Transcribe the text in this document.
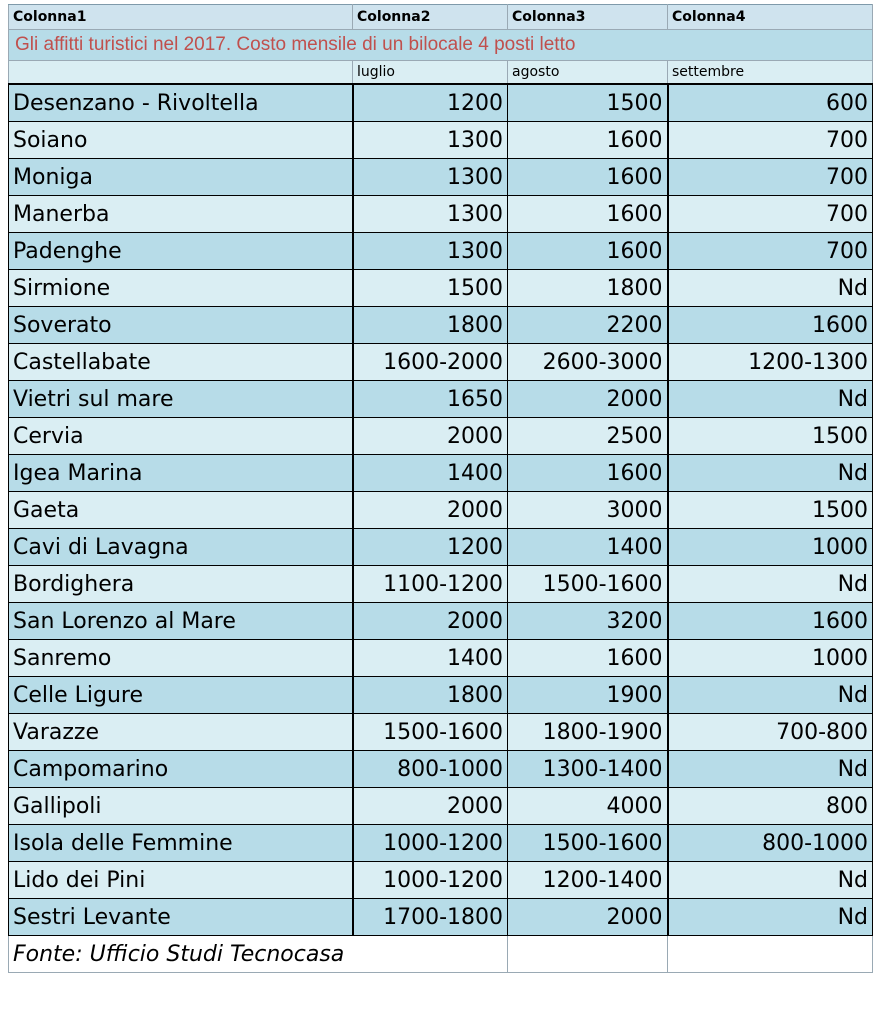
Colonna1	Colonna2	Colonna3	Colonna4
Gli affitti turistici nel 2017. Costo mensile di un bilocale 4 posti letto			
	luglio	agosto	settembre
Desenzano - Rivoltella	1200	1500	600
Soiano	1300	1600	700
Moniga	1300	1600	700
Manerba	1300	1600	700
Padenghe	1300	1600	700
Sirmione	1500	1800	Nd
Soverato	1800	2200	1600
Castellabate	1600-2000	2600-3000	1200-1300
Vietri sul mare	1650	2000	Nd
Cervia	2000	2500	1500
Igea Marina	1400	1600	Nd
Gaeta	2000	3000	1500
Cavi di Lavagna	1200	1400	1000
Bordighera	1100-1200	1500-1600	Nd
San Lorenzo al Mare	2000	3200	1600
Sanremo	1400	1600	1000
Celle Ligure	1800	1900	Nd
Varazze	1500-1600	1800-1900	700-800
Campomarino	800-1000	1300-1400	Nd
Gallipoli	2000	4000	800
Isola delle Femmine	1000-1200	1500-1600	800-1000
Lido dei Pini	1000-1200	1200-1400	Nd
Sestri Levante	1700-1800	2000	Nd
Fonte: Ufficio Studi Tecnocasa			
